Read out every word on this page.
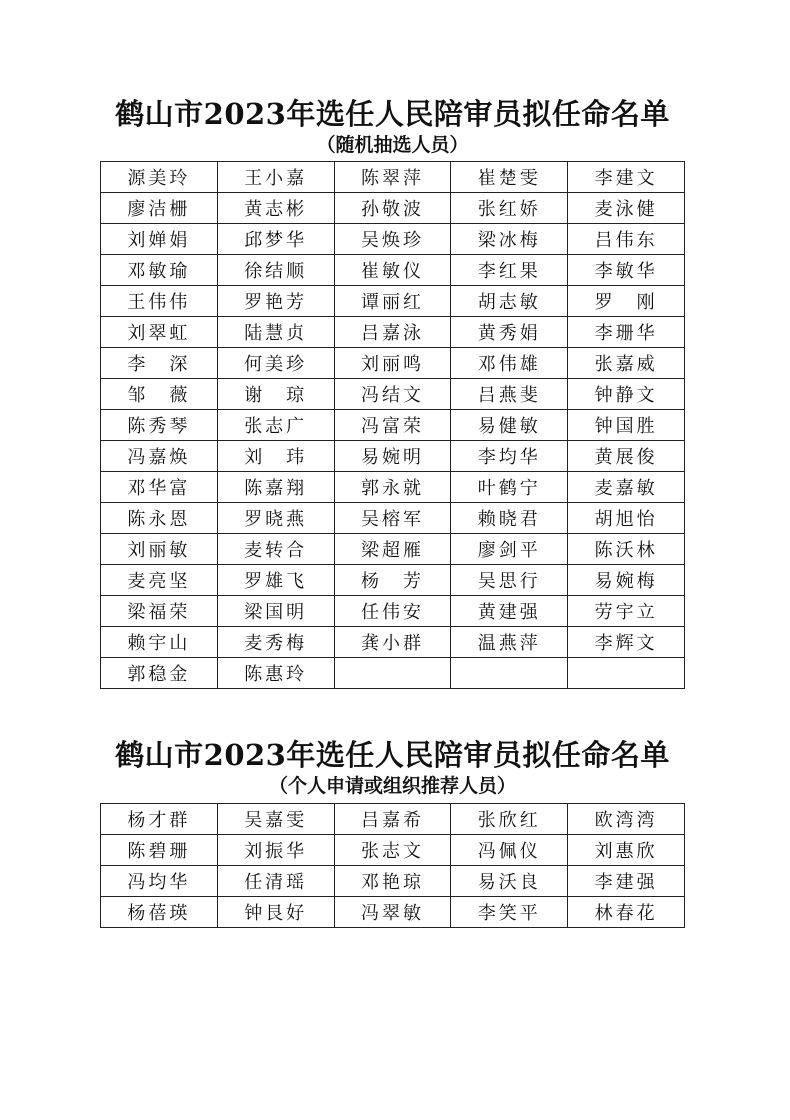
鹤山市2023年选任人民陪审员拟任命名单
（随机抽选人员）
源美玲	王小嘉	陈翠萍	崔楚雯	李建文
廖洁栅	黄志彬	孙敬波	张红娇	麦泳健
刘婵娟	邱梦华	吴焕珍	梁冰梅	吕伟东
邓敏瑜	徐结顺	崔敏仪	李红果	李敏华
王伟伟	罗艳芳	谭丽红	胡志敏	罗　刚
刘翠虹	陆慧贞	吕嘉泳	黄秀娟	李珊华
李　深	何美珍	刘丽鸣	邓伟雄	张嘉威
邹　薇	谢　琼	冯结文	吕燕斐	钟静文
陈秀琴	张志广	冯富荣	易健敏	钟国胜
冯嘉焕	刘　玮	易婉明	李均华	黄展俊
邓华富	陈嘉翔	郭永就	叶鹤宁	麦嘉敏
陈永恩	罗晓燕	吴榕军	赖晓君	胡旭怡
刘丽敏	麦转合	梁超雁	廖剑平	陈沃林
麦亮坚	罗雄飞	杨　芳	吴思行	易婉梅
梁福荣	梁国明	任伟安	黄建强	劳宇立
赖宇山	麦秀梅	龚小群	温燕萍	李辉文
郭稳金	陈惠玲			
鹤山市2023年选任人民陪审员拟任命名单
（个人申请或组织推荐人员）
杨才群	吴嘉雯	吕嘉希	张欣红	欧湾湾
陈碧珊	刘振华	张志文	冯佩仪	刘惠欣
冯均华	任清瑶	邓艳琼	易沃良	李建强
杨蓓瑛	钟艮好	冯翠敏	李笑平	林春花
